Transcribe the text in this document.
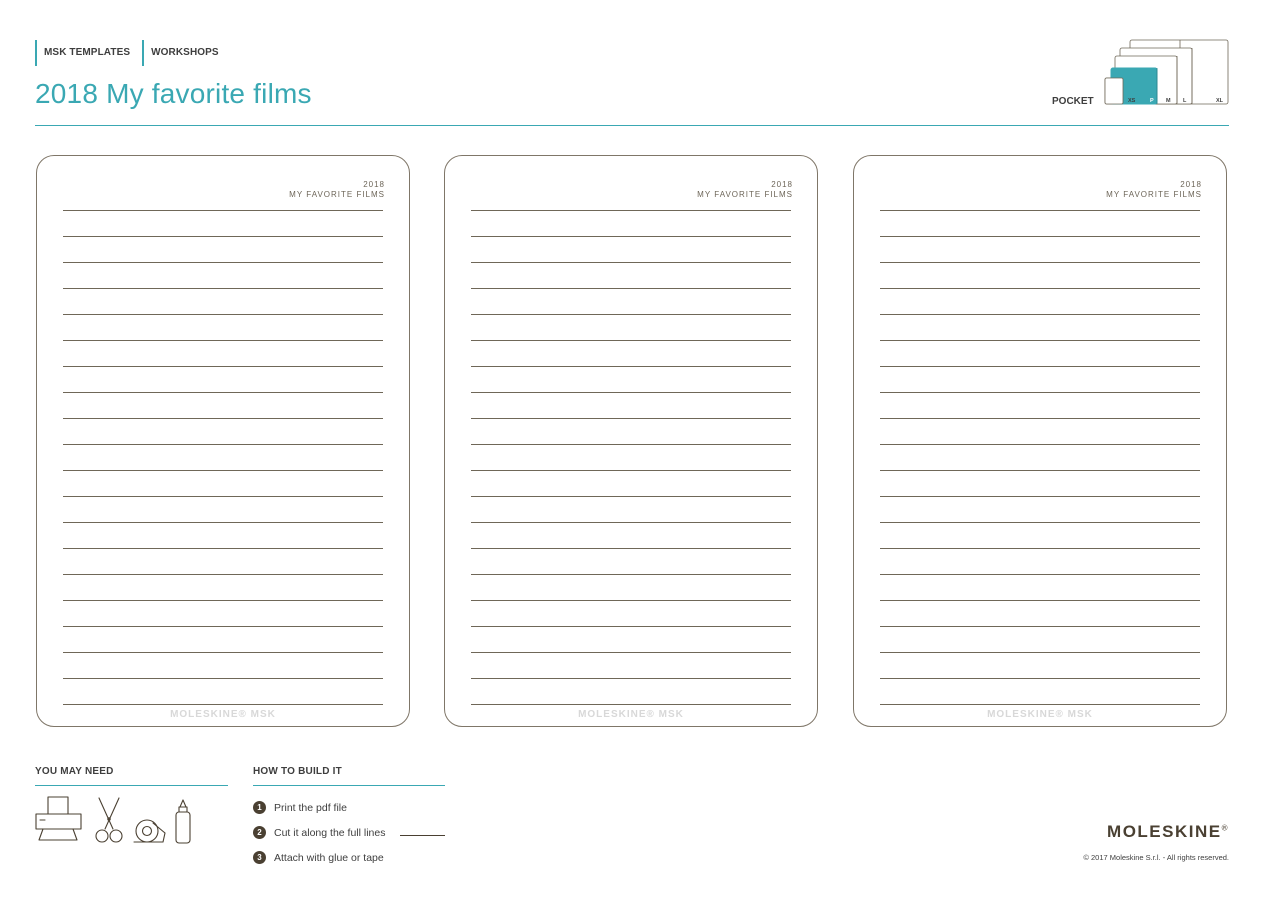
MSK TEMPLATES	WORKSHOPS
2018 My favorite films	POCKET	XS	P M L	XL
2018
MY FAVORITE FILMS
MOLESKINE® MSK
2018
MY FAVORITE FILMS
MOLESKINE® MSK
2018
MY FAVORITE FILMS
MOLESKINE® MSK
YOU MAY NEED	HOW TO BUILD IT
1	Print the pdf file
2	Cut it along the full lines
3	Attach with glue or tape
MOLESKINE®
© 2017 Moleskine S.r.l. - All rights reserved.
